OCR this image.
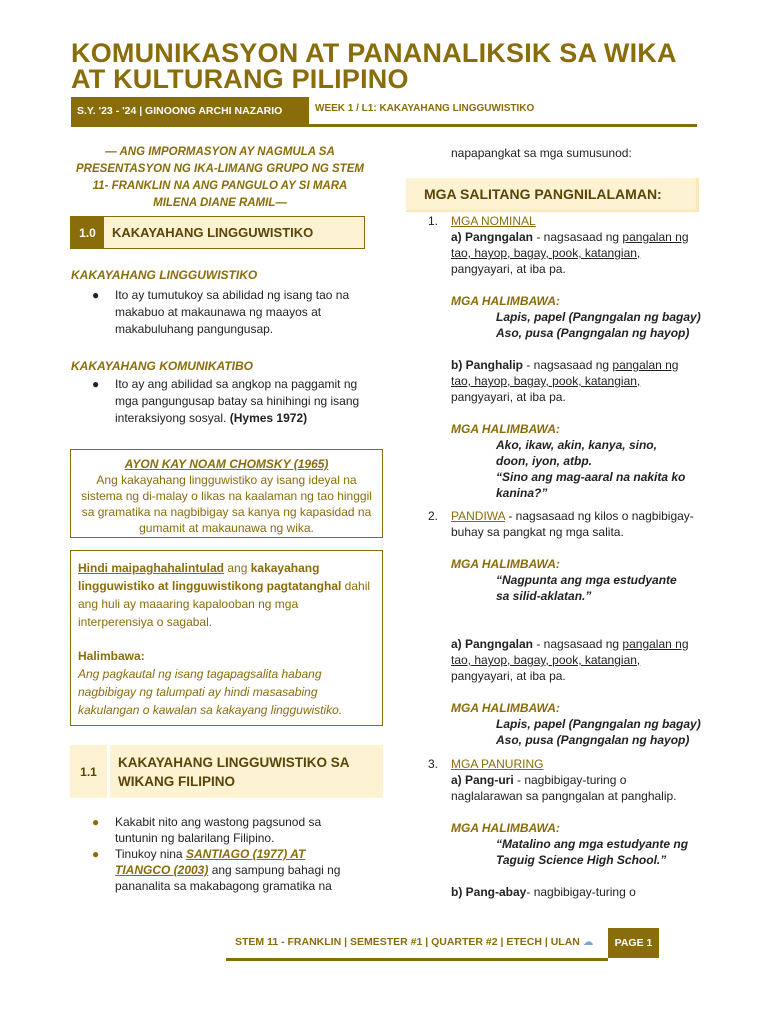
KOMUNIKASYON AT PANANALIKSIK SA WIKA
AT KULTURANG PILIPINO
S.Y. '23 - '24 | GINOONG ARCHI NAZARIO	WEEK 1 / L1: KAKAYAHANG LINGGUWISTIKO
— ANG IMPORMASYON AY NAGMULA SA PRESENTASYON NG IKA-LIMANG GRUPO NG STEM 11- FRANKLIN NA ANG PANGULO AY SI MARA MILENA DIANE RAMIL—
1.0	KAKAYAHANG LINGGUWISTIKO
KAKAYAHANG LINGGUWISTIKO
●	Ito ay tumutukoy sa abilidad ng isang tao na makabuo at makaunawa ng maayos at makabuluhang pangungusap.
KAKAYAHANG KOMUNIKATIBO
●	Ito ay ang abilidad sa angkop na paggamit ng mga pangungusap batay sa hinihingi ng isang interaksiyong sosyal. (Hymes 1972)
AYON KAY NOAM CHOMSKY (1965)
Ang kakayahang lingguwistiko ay isang ideyal na sistema ng di-malay o likas na kaalaman ng tao hinggil sa gramatika na nagbibigay sa kanya ng kapasidad na gumamit at makaunawa ng wika.
Hindi maipaghahalintulad ang kakayahang lingguwistiko at lingguwistikong pagtatanghal dahil ang huli ay maaaring kapalooban ng mga interperensiya o sagabal.
Halimbawa:
Ang pagkautal ng isang tagapagsalita habang nagbibigay ng talumpati ay hindi masasabing kakulangan o kawalan sa kakayang lingguwistiko.
1.1
KAKAYAHANG LINGGUWISTIKO SA WIKANG FILIPINO
●	Kakabit nito ang wastong pagsunod sa tuntunin ng balarilang Filipino.
●	Tinukoy nina SANTIAGO (1977) AT TIANGCO (2003) ang sampung bahagi ng pananalita sa makabagong gramatika na
napapangkat sa mga sumusunod:
MGA SALITANG PANGNILALAMAN:
1. MGA NOMINAL
a) Pangngalan - nagsasaad ng pangalan ng tao, hayop, bagay, pook, katangian, pangyayari, at iba pa.
MGA HALIMBAWA:
Lapis, papel (Pangngalan ng bagay)
Aso, pusa (Pangngalan ng hayop)
b) Panghalip - nagsasaad ng pangalan ng tao, hayop, bagay, pook, katangian, pangyayari, at iba pa.
MGA HALIMBAWA:
Ako, ikaw, akin, kanya, sino, doon, iyon, atbp.
“Sino ang mag-aaral na nakita ko kanina?”
2. PANDIWA - nagsasaad ng kilos o nagbibigay-buhay sa pangkat ng mga salita.
MGA HALIMBAWA:
“Nagpunta ang mga estudyante sa silid-aklatan.”
a) Pangngalan - nagsasaad ng pangalan ng tao, hayop, bagay, pook, katangian, pangyayari, at iba pa.
MGA HALIMBAWA:
Lapis, papel (Pangngalan ng bagay)
Aso, pusa (Pangngalan ng hayop)
3. MGA PANURING
a) Pang-uri - nagbibigay-turing o naglalarawan sa pangngalan at panghalip.
MGA HALIMBAWA:
“Matalino ang mga estudyante ng Taguig Science High School.”
b) Pang-abay- nagbibigay-turing o
STEM 11 - FRANKLIN | SEMESTER #1 | QUARTER #2 | ETECH | ULAN ☁	PAGE 1
